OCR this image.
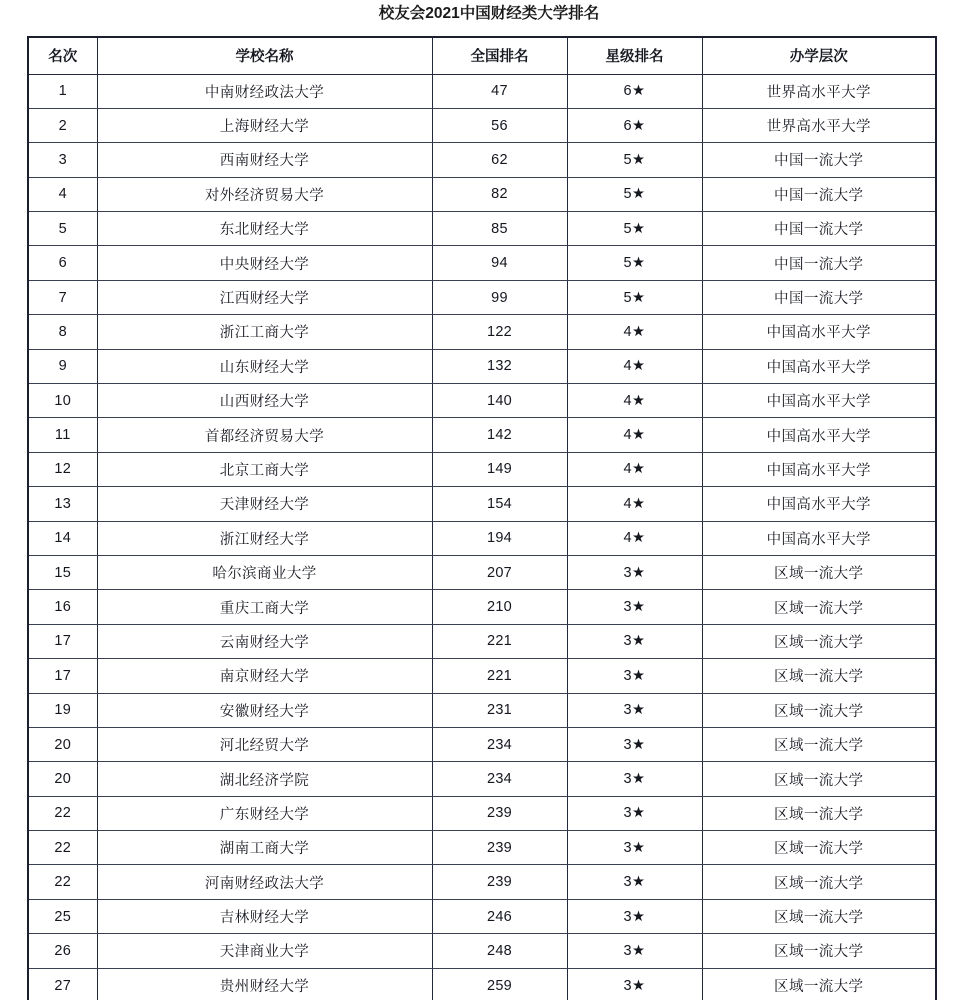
校友会2021中国财经类大学排名
名次	学校名称	全国排名	星级排名	办学层次
1	中南财经政法大学	47	6★	世界高水平大学
2	上海财经大学	56	6★	世界高水平大学
3	西南财经大学	62	5★	中国一流大学
4	对外经济贸易大学	82	5★	中国一流大学
5	东北财经大学	85	5★	中国一流大学
6	中央财经大学	94	5★	中国一流大学
7	江西财经大学	99	5★	中国一流大学
8	浙江工商大学	122	4★	中国高水平大学
9	山东财经大学	132	4★	中国高水平大学
10	山西财经大学	140	4★	中国高水平大学
11	首都经济贸易大学	142	4★	中国高水平大学
12	北京工商大学	149	4★	中国高水平大学
13	天津财经大学	154	4★	中国高水平大学
14	浙江财经大学	194	4★	中国高水平大学
15	哈尔滨商业大学	207	3★	区域一流大学
16	重庆工商大学	210	3★	区域一流大学
17	云南财经大学	221	3★	区域一流大学
17	南京财经大学	221	3★	区域一流大学
19	安徽财经大学	231	3★	区域一流大学
20	河北经贸大学	234	3★	区域一流大学
20	湖北经济学院	234	3★	区域一流大学
22	广东财经大学	239	3★	区域一流大学
22	湖南工商大学	239	3★	区域一流大学
22	河南财经政法大学	239	3★	区域一流大学
25	吉林财经大学	246	3★	区域一流大学
26	天津商业大学	248	3★	区域一流大学
27	贵州财经大学	259	3★	区域一流大学
